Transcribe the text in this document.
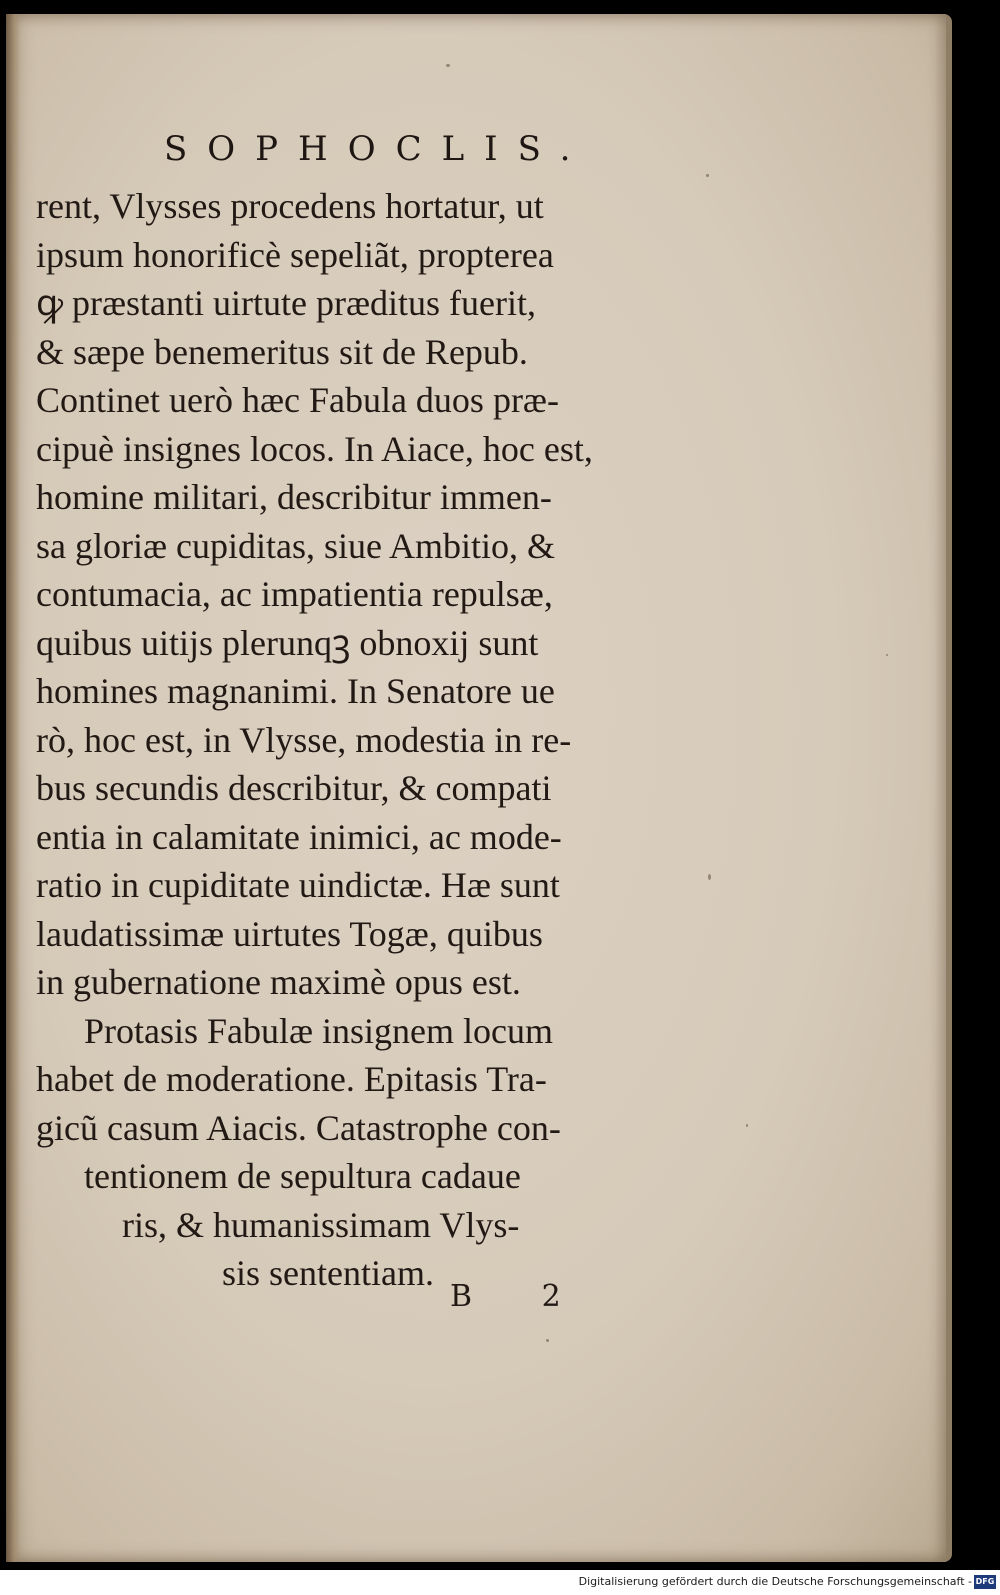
SOPHOCLIS.
rent, Vlysses procedens hortatur, ut
ipsum honorificè sepeliãt, propterea
ꝙ præstanti uirtute præditus fuerit,
& sæpe benemeritus sit de Repub.
Continet uerò hæc Fabula duos præ-
cipuè insignes locos. In Aiace, hoc est,
homine militari, describitur immen-
sa gloriæ cupiditas, siue Ambitio, &
contumacia, ac impatientia repulsæ,
quibus uitijs plerunqꝫ obnoxij sunt
homines magnanimi. In Senatore ue
rò, hoc est, in Vlysse, modestia in re-
bus secundis describitur, & compati
entia in calamitate inimici, ac mode-
ratio in cupiditate uindictæ. Hæ sunt
laudatissimæ uirtutes Togæ, quibus
in gubernatione maximè opus est.
Protasis Fabulæ insignem locum
habet de moderatione. Epitasis Tra-
gicũ casum Aiacis. Catastrophe con-
tentionem de sepultura cadaue
ris, & humanissimam Vlys-
sis sententiam.
B 2
Digitalisierung gefördert durch die Deutsche Forschungsgemeinschaft - DFG
